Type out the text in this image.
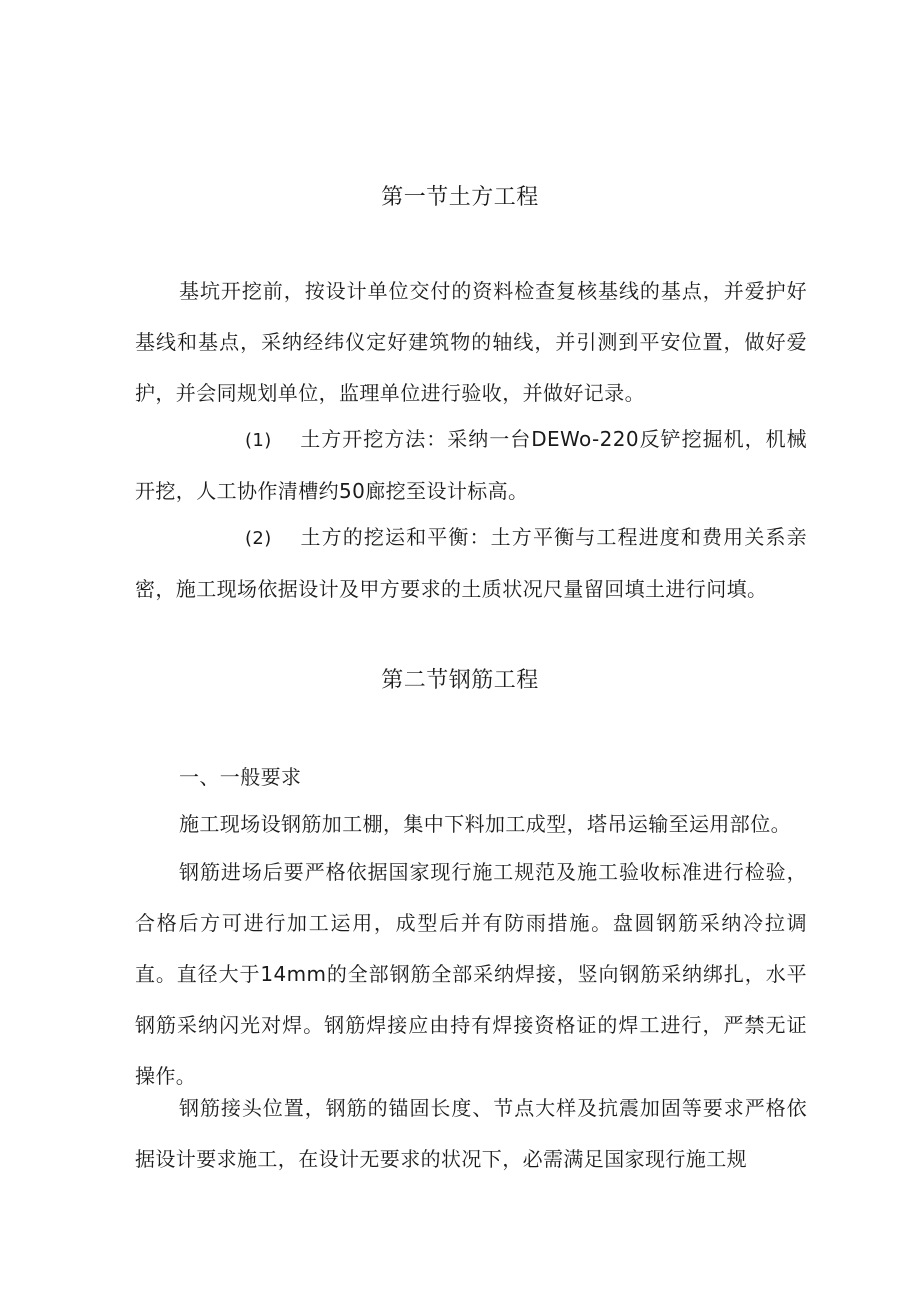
第一节土方工程

基坑开挖前，按设计单位交付的资料检查复核基线的基点，并爱护好基线和基点，采纳经纬仪定好建筑物的轴线，并引测到平安位置，做好爱护，并会同规划单位，监理单位进行验收，并做好记录。

(1) 土方开挖方法：采纳一台DEWo-220反铲挖掘机，机械开挖，人工协作清槽约50廊挖至设计标高。

(2) 土方的挖运和平衡：土方平衡与工程进度和费用关系亲密，施工现场依据设计及甲方要求的土质状况尺量留回填土进行问填。

第二节钢筋工程

一、一般要求

施工现场设钢筋加工棚，集中下料加工成型，塔吊运输至运用部位。

钢筋进场后要严格依据国家现行施工规范及施工验收标准进行检验，合格后方可进行加工运用，成型后并有防雨措施。盘圆钢筋采纳冷拉调直。直径大于14mm的全部钢筋全部采纳焊接，竖向钢筋采纳绑扎，水平钢筋采纳闪光对焊。钢筋焊接应由持有焊接资格证的焊工进行，严禁无证操作。

钢筋接头位置，钢筋的锚固长度、节点大样及抗震加固等要求严格依据设计要求施工，在设计无要求的状况下，必需满足国家现行施工规
